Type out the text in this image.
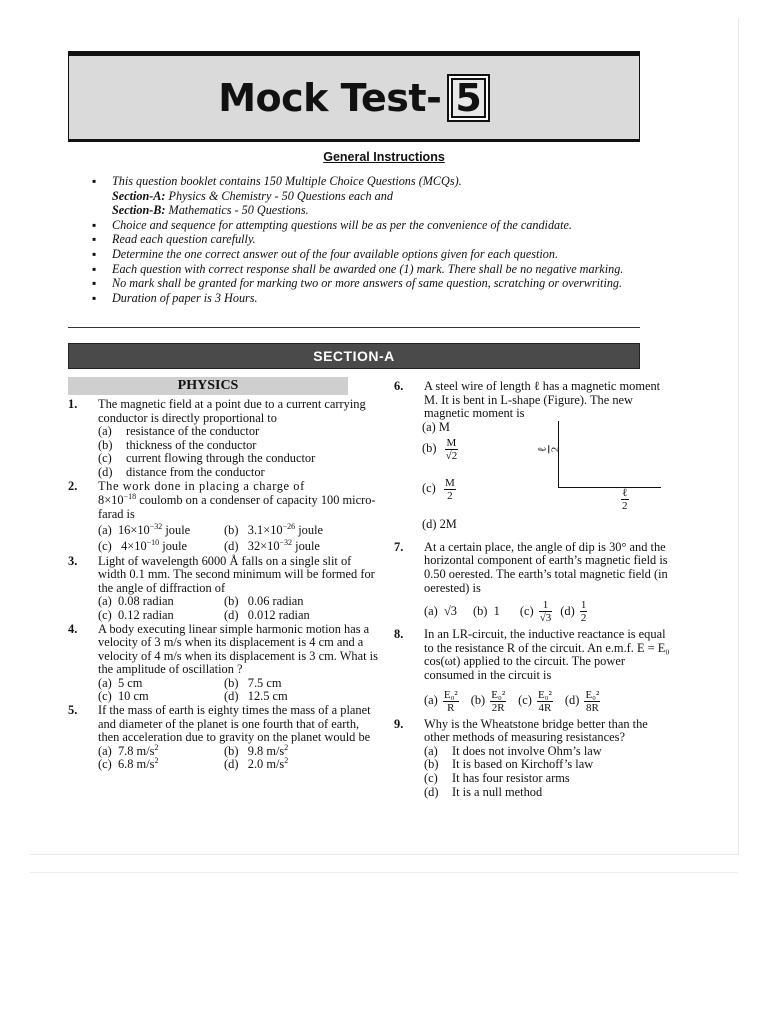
Mock Test- 5
General Instructions
▪ This question booklet contains 150 Multiple Choice Questions (MCQs).
Section-A: Physics & Chemistry - 50 Questions each and
Section-B: Mathematics - 50 Questions.
▪ Choice and sequence for attempting questions will be as per the convenience of the candidate.
▪ Read each question carefully.
▪ Determine the one correct answer out of the four available options given for each question.
▪ Each question with correct response shall be awarded one (1) mark. There shall be no negative marking.
▪ No mark shall be granted for marking two or more answers of same question, scratching or overwriting.
▪ Duration of paper is 3 Hours.
SECTION-A
PHYSICS
1. The magnetic field at a point due to a current carrying conductor is directly proportional to
(a) resistance of the conductor
(b) thickness of the conductor
(c) current flowing through the conductor
(d) distance from the conductor
2. The work done in placing a charge of
$8\times 10^{-18}$ coulomb on a condenser of capacity 100 micro-farad is
(a) $16\times 10^{-32}$ joule	(b) $3.1\times 10^{-26}$ joule
(c) $4\times 10^{-10}$ joule	(d) $32\times 10^{-32}$ joule
3. Light of wavelength 6000 Å falls on a single slit of width 0.1 mm. The second minimum will be formed for the angle of diffraction of
(a) 0.08 radian	(b) 0.06 radian
(c) 0.12 radian	(d) 0.012 radian
4. A body executing linear simple harmonic motion has a velocity of 3 m/s when its displacement is 4 cm and a velocity of 4 m/s when its displacement is 3 cm. What is the amplitude of oscillation ?
(a) 5 cm	(b) 7.5 cm
(c) 10 cm	(d) 12.5 cm
5. If the mass of earth is eighty times the mass of a planet and diameter of the planet is one fourth that of earth, then acceleration due to gravity on the planet would be
(a) 7.8 $m/s^2$	(b) 9.8 $m/s^2$
(c) 6.8 $m/s^2$	(d) 2.0 $m/s^2$
6. A steel wire of length ℓ has a magnetic moment M. It is bent in L-shape (Figure). The new magnetic moment is
(a) M
(b)
$\frac{M}{√2}$
(c)
$\frac{M}{2}$
(d) 2M
ℓ 2
ℓ
2
7. At a certain place, the angle of dip is 30° and the horizontal component of earth’s magnetic field is 0.50 oerested. The earth’s total magnetic field (in oerested) is
(a) √3 (b) 1 (c)
$\frac{1}{√3} (d)$
$\frac{1}{2}$
8. In an LR-circuit, the inductive reactance is equal to the resistance R of the circuit. An e.m.f. E = E₀ cos(ωt) applied to the circuit. The power consumed in the circuit is
(a)
$\frac{\text{E₀²}}{R} (b)$
$\frac{\text{E₀²}}{2R} (c)$
$\frac{\text{E₀²}}{4R} (d)$
$\frac{\text{E₀²}}{8R}$
9. Why is the Wheatstone bridge better than the other methods of measuring resistances?
(a) It does not involve Ohm’s law
(b) It is based on Kirchoff’s law
(c) It has four resistor arms
(d) It is a null method
